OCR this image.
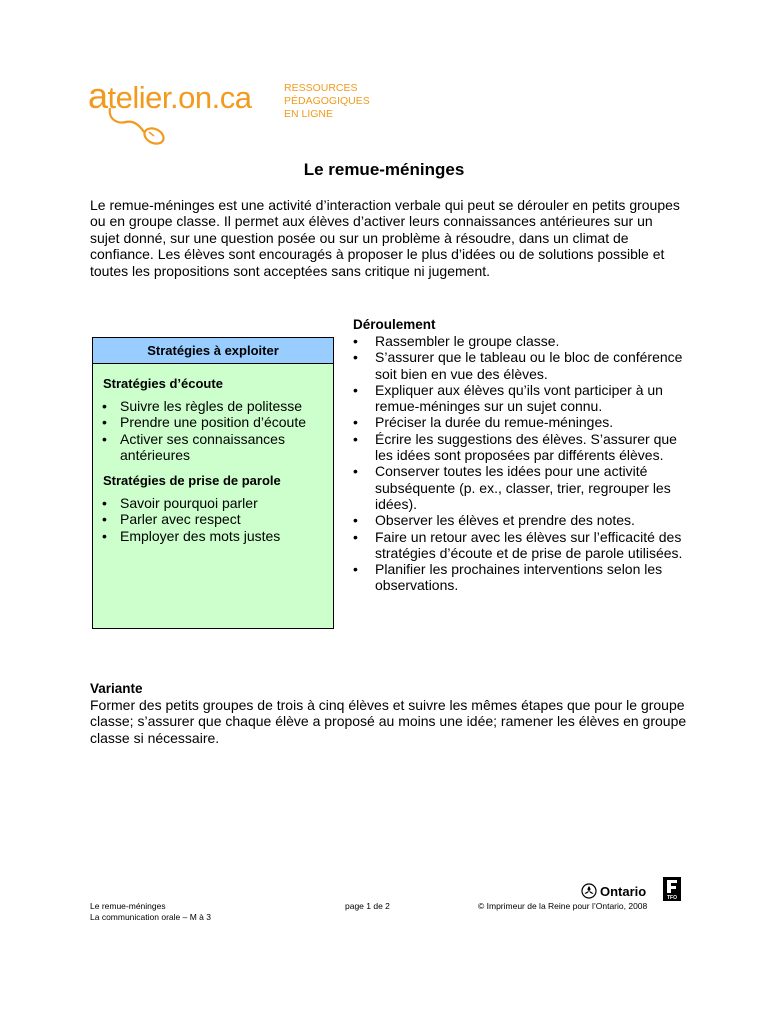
atelier.on.ca	RESSOURCES
PÉDAGOGIQUES
EN LIGNE
Le remue-méninges

Le remue-méninges est une activité d’interaction verbale qui peut se dérouler en petits groupes ou en groupe classe. Il permet aux élèves d’activer leurs connaissances antérieures sur un sujet donné, sur une question posée ou sur un problème à résoudre, dans un climat de confiance. Les élèves sont encouragés à proposer le plus d’idées ou de solutions possible et toutes les propositions sont acceptées sans critique ni jugement.

Stratégies à exploiter
Stratégies d’écoute
• Suivre les règles de politesse
• Prendre une position d’écoute
• Activer ses connaissances antérieures
Stratégies de prise de parole
• Savoir pourquoi parler
• Parler avec respect
• Employer des mots justes

Déroulement

• Rassembler le groupe classe.
• S’assurer que le tableau ou le bloc de conférence soit bien en vue des élèves.
• Expliquer aux élèves qu’ils vont participer à un remue-méninges sur un sujet connu.
• Préciser la durée du remue-méninges.
• Écrire les suggestions des élèves. S’assurer que les idées sont proposées par différents élèves.
• Conserver toutes les idées pour une activité subséquente (p. ex., classer, trier, regrouper les idées).
• Observer les élèves et prendre des notes.
• Faire un retour avec les élèves sur l’efficacité des stratégies d’écoute et de prise de parole utilisées.
• Planifier les prochaines interventions selon les observations.

Variante

Former des petits groupes de trois à cinq élèves et suivre les mêmes étapes que pour le groupe classe; s’assurer que chaque élève a proposé au moins une idée; ramener les élèves en groupe classe si nécessaire.

Le remue-méninges
La communication orale – M à 3
page 1 de 2	© Imprimeur de la Reine pour l’Ontario, 2008
Ontario	TFO
